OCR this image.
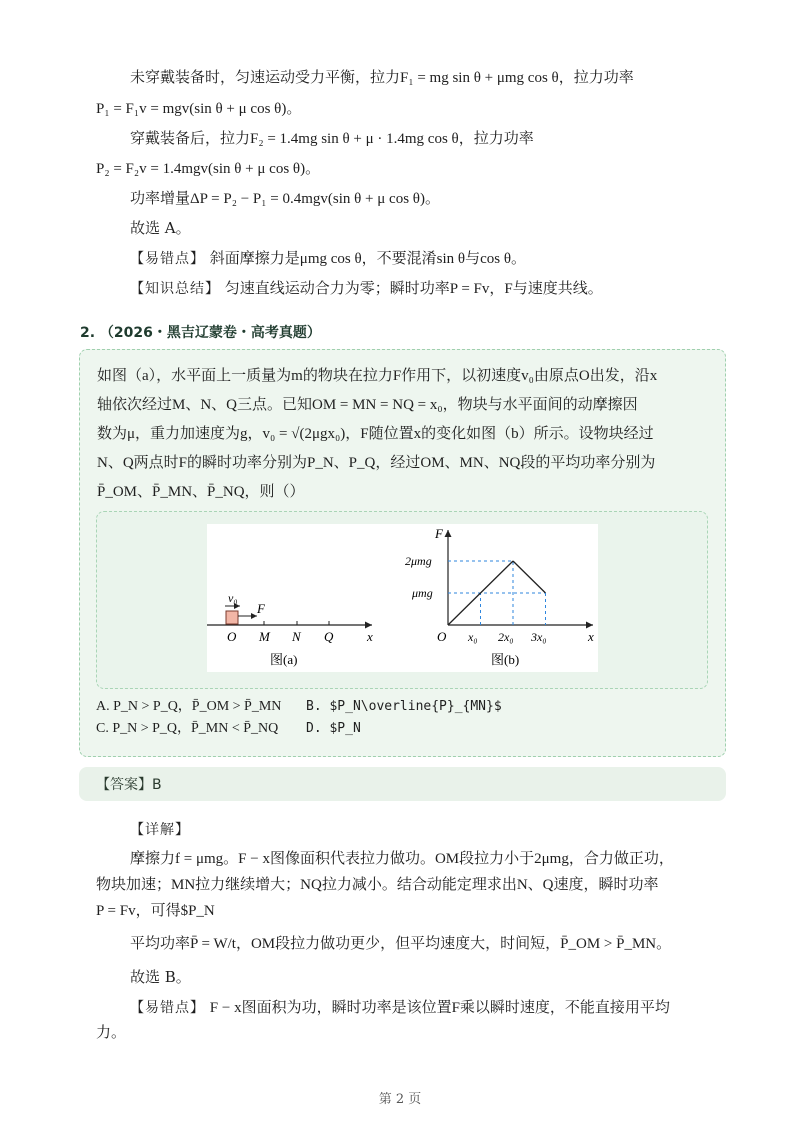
未穿戴装备时，匀速运动受力平衡，拉力F₁ = mg sin θ + μmg cos θ，拉力功率
P₁ = F₁v = mgv(sin θ + μ cos θ)。
穿戴装备后，拉力F₂ = 1.4mg sin θ + μ · 1.4mg cos θ，拉力功率
P₂ = F₂v = 1.4mgv(sin θ + μ cos θ)。
功率增量ΔP = P₂ − P₁ = 0.4mgv(sin θ + μ cos θ)。
故选 A。
【易错点】 斜面摩擦力是μmg cos θ，不要混淆sin θ与cos θ。
【知识总结】 匀速直线运动合力为零；瞬时功率P = Fv，F与速度共线。
2. （2026・黑吉辽蒙卷・高考真题）
如图（a），水平面上一质量为m的物块在拉力F作用下，以初速度v₀由原点O出发，沿x
轴依次经过M、N、Q三点。已知OM = MN = NQ = x₀，物块与水平面间的动摩擦因
数为μ，重力加速度为g，v₀ = √(2μgx₀)，F随位置x的变化如图（b）所示。设物块经过
N、Q两点时F的瞬时功率分别为P_N、P_Q，经过OM、MN、NQ段的平均功率分别为
P̄_OM、P̄_MN、P̄_NQ，则（）
v₀
F
O M N Q	x
图(a)
F
2μmg
μmg
O x₀ 2x₀ 3x₀	x
图(b)
A. P_N > P_Q，P̄_OM > P̄_MN B. $P_N\overline{P}_{MN}$
C. P_N > P_Q，P̄_MN < P̄_NQ D. $P_N
【答案】B
【详解】
摩擦力f = μmg。F − x图像面积代表拉力做功。OM段拉力小于2μmg，合力做正功，
物块加速；MN拉力继续增大；NQ拉力减小。结合动能定理求出N、Q速度，瞬时功率
P = Fv，可得$P_N
平均功率P̄ = W/t，OM段拉力做功更少，但平均速度大，时间短，P̄_OM > P̄_MN。
故选 B。
【易错点】 F − x图面积为功，瞬时功率是该位置F乘以瞬时速度，不能直接用平均
力。
第 2 页
